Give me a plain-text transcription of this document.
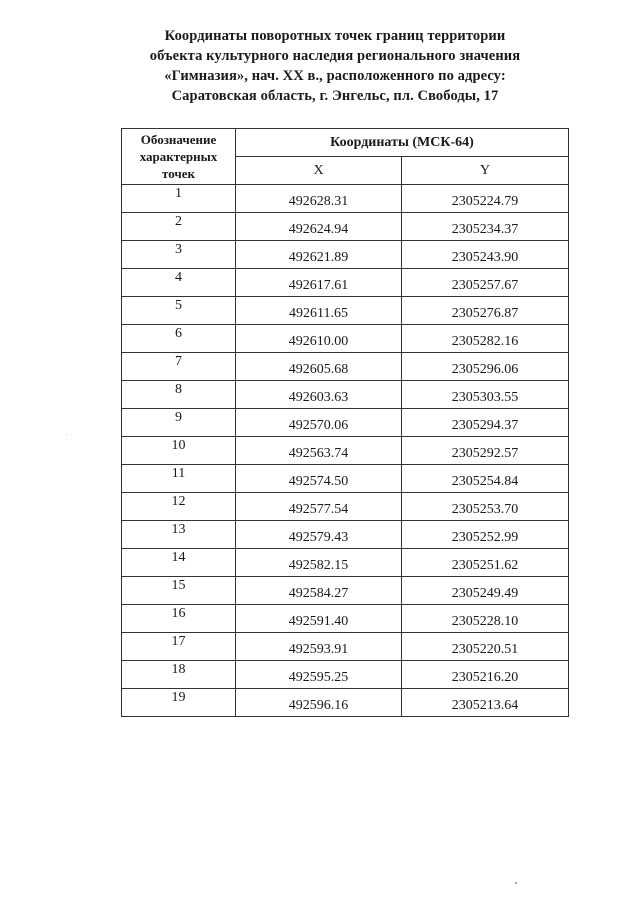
Координаты поворотных точек границ территории
объекта культурного наследия регионального значения
«Гимназия», нач. XX в., расположенного по адресу:
Саратовская область, г. Энгельс, пл. Свободы, 17
Обозначение характерных точек	Координаты (МСК-64)	
	X	Y
1	492628.31	2305224.79
2	492624.94	2305234.37
3	492621.89	2305243.90
4	492617.61	2305257.67
5	492611.65	2305276.87
6	492610.00	2305282.16
7	492605.68	2305296.06
8	492603.63	2305303.55
9	492570.06	2305294.37
10	492563.74	2305292.57
11	492574.50	2305254.84
12	492577.54	2305253.70
13	492579.43	2305252.99
14	492582.15	2305251.62
15	492584.27	2305249.49
16	492591.40	2305228.10
17	492593.91	2305220.51
18	492595.25	2305216.20
19	492596.16	2305213.64
